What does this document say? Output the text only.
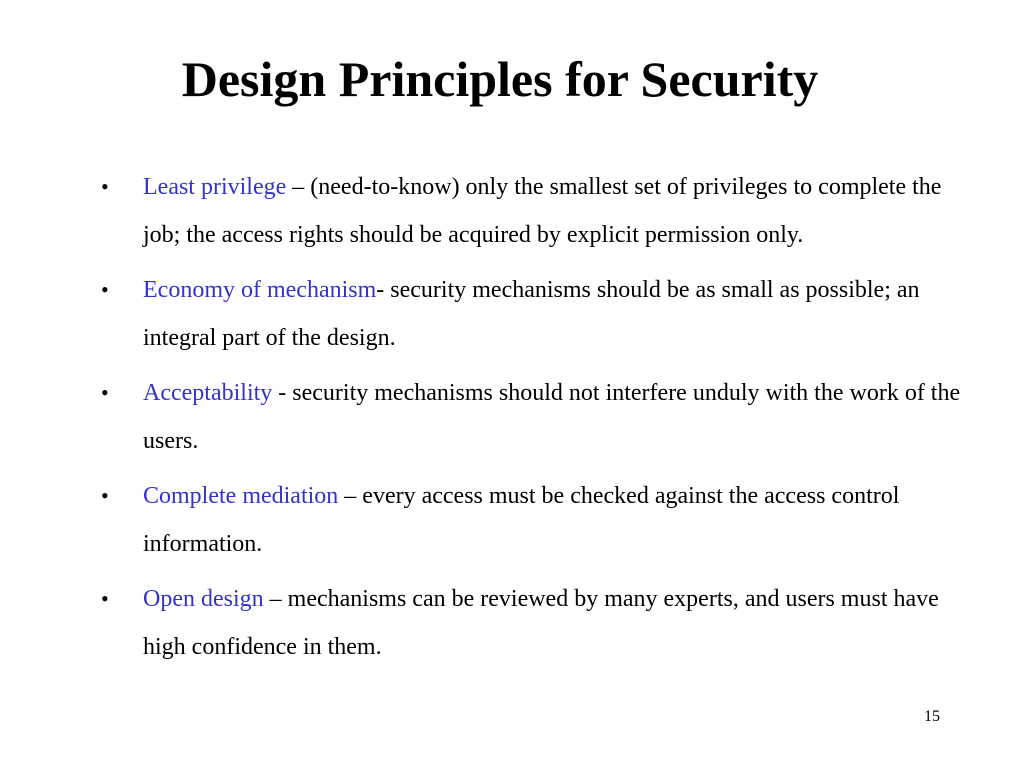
Design Principles for Security
• Least privilege – (need-to-know) only the smallest set of privileges to complete the job; the access rights should be acquired by explicit permission only.
• Economy of mechanism- security mechanisms should be as small as possible; an integral part of the design.
• Acceptability - security mechanisms should not interfere unduly with the work of the users.
• Complete mediation – every access must be checked against the access control information.
• Open design – mechanisms can be reviewed by many experts, and users must have high confidence in them.
15
